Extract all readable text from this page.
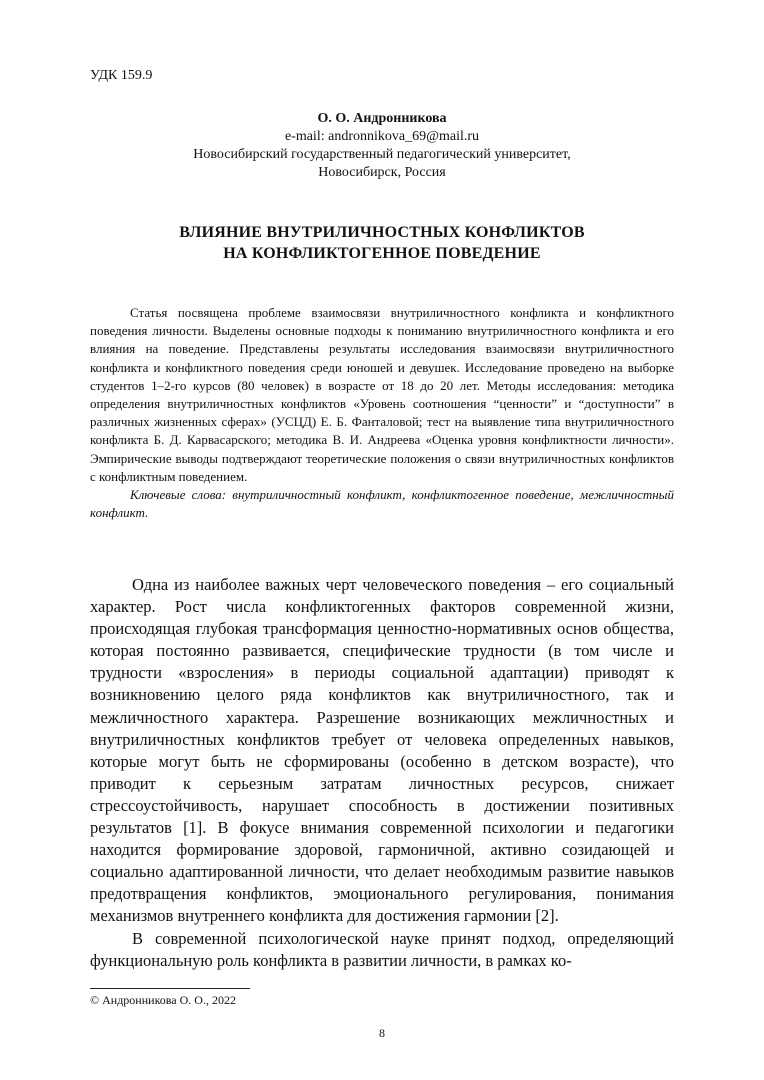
УДК 159.9
О. О. Андронникова
e-mail: andronnikova_69@mail.ru
Новосибирский государственный педагогический университет,
Новосибирск, Россия
ВЛИЯНИЕ ВНУТРИЛИЧНОСТНЫХ КОНФЛИКТОВ
НА КОНФЛИКТОГЕННОЕ ПОВЕДЕНИЕ

Статья посвящена проблеме взаимосвязи внутриличностного конфликта и конфликтного поведения личности. Выделены основные подходы к пониманию внутриличностного конфликта и его влияния на поведение. Представлены результаты исследования взаимосвязи внутриличностного конфликта и конфликтного поведения среди юношей и девушек. Исследование проведено на выборке студентов 1–2-го курсов (80 человек) в возрасте от 18 до 20 лет. Методы исследования: методика определения внутриличностных конфликтов «Уровень соотношения “ценности” и “доступности” в различных жизненных сферах» (УСЦД) Е. Б. Фанталовой; тест на выявление типа внутриличностного конфликта Б. Д. Карвасарского; методика В. И. Андреева «Оценка уровня конфликтности личности». Эмпирические выводы подтверждают теоретические положения о связи внутриличностных конфликтов с конфликтным поведением.

Ключевые слова: внутриличностный конфликт, конфликтогенное поведение, межличностный конфликт.

Одна из наиболее важных черт человеческого поведения – его социальный характер. Рост числа конфликтогенных факторов современной жизни, происходящая глубокая трансформация ценностно-нормативных основ общества, которая постоянно развивается, специфические трудности (в том числе и трудности «взросления» в периоды социальной адаптации) приводят к возникновению целого ряда конфликтов как внутриличностного, так и межличностного характера. Разрешение возникающих межличностных и внутриличностных конфликтов требует от человека определенных навыков, которые могут быть не сформированы (особенно в детском возрасте), что приводит к серьезным затратам личностных ресурсов, снижает стрессоустойчивость, нарушает способность в достижении позитивных результатов [1]. В фокусе внимания современной психологии и педагогики находится формирование здоровой, гармоничной, активно созидающей и социально адаптированной личности, что делает необходимым развитие навыков предотвращения конфликтов, эмоционального регулирования, понимания механизмов внутреннего конфликта для достижения гармонии [2].

В современной психологической науке принят подход, определяющий функциональную роль конфликта в развитии личности, в рамках ко-

© Андронникова О. О., 2022
8
